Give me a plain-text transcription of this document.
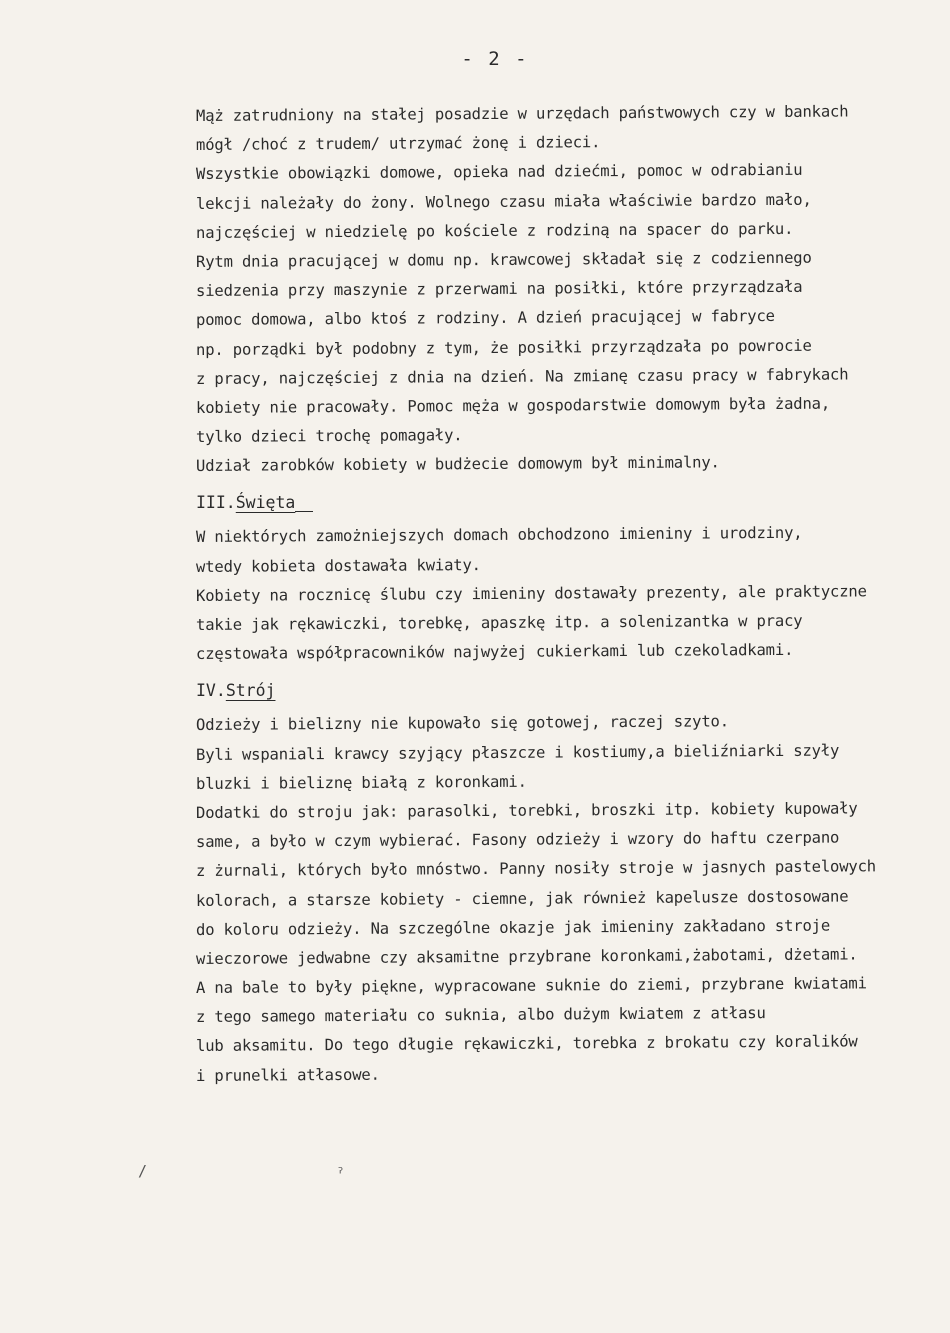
- 2 -
Mąż zatrudniony na stałej posadzie w urzędach państwowych czy w bankach
mógł /choć z trudem/ utrzymać żonę i dzieci.
Wszystkie obowiązki domowe, opieka nad dziećmi, pomoc w odrabianiu
lekcji należały do żony. Wolnego czasu miała właściwie bardzo mało,
najczęściej w niedzielę po kościele z rodziną na spacer do parku.
Rytm dnia pracującej w domu np. krawcowej składał się z codziennego
siedzenia przy maszynie z przerwami na posiłki, które przyrządzała
pomoc domowa, albo ktoś z rodziny. A dzień pracującej w fabryce
np. porządki był podobny z tym, że posiłki przyrządzała po powrocie
z pracy, najczęściej z dnia na dzień. Na zmianę czasu pracy w fabrykach
kobiety nie pracowały. Pomoc męża w gospodarstwie domowym była żadna,
tylko dzieci trochę pomagały.
Udział zarobków kobiety w budżecie domowym był minimalny.
III.Święta
W niektórych zamożniejszych domach obchodzono imieniny i urodziny,
wtedy kobieta dostawała kwiaty.
Kobiety na rocznicę ślubu czy imieniny dostawały prezenty, ale praktyczne
takie jak rękawiczki, torebkę, apaszkę itp. a solenizantka w pracy
częstowała współpracowników najwyżej cukierkami lub czekoladkami.
IV.Strój
Odzieży i bielizny nie kupowało się gotowej, raczej szyto.
Byli wspaniali krawcy szyjący płaszcze i kostiumy,a bieliźniarki szyły
bluzki i bieliznę białą z koronkami.
Dodatki do stroju jak: parasolki, torebki, broszki itp. kobiety kupowały
same, a było w czym wybierać. Fasony odzieży i wzory do haftu czerpano
z żurnali, których było mnóstwo. Panny nosiły stroje w jasnych pastelowych
kolorach, a starsze kobiety - ciemne, jak również kapelusze dostosowane
do koloru odzieży. Na szczególne okazje jak imieniny zakładano stroje
wieczorowe jedwabne czy aksamitne przybrane koronkami,żabotami, dżetami.
A na bale to były piękne, wypracowane suknie do ziemi, przybrane kwiatami
z tego samego materiału co suknia, albo dużym kwiatem z atłasu
lub aksamitu. Do tego długie rękawiczki, torebka z brokatu czy koralików
i prunelki atłasowe.
/	ˀ
